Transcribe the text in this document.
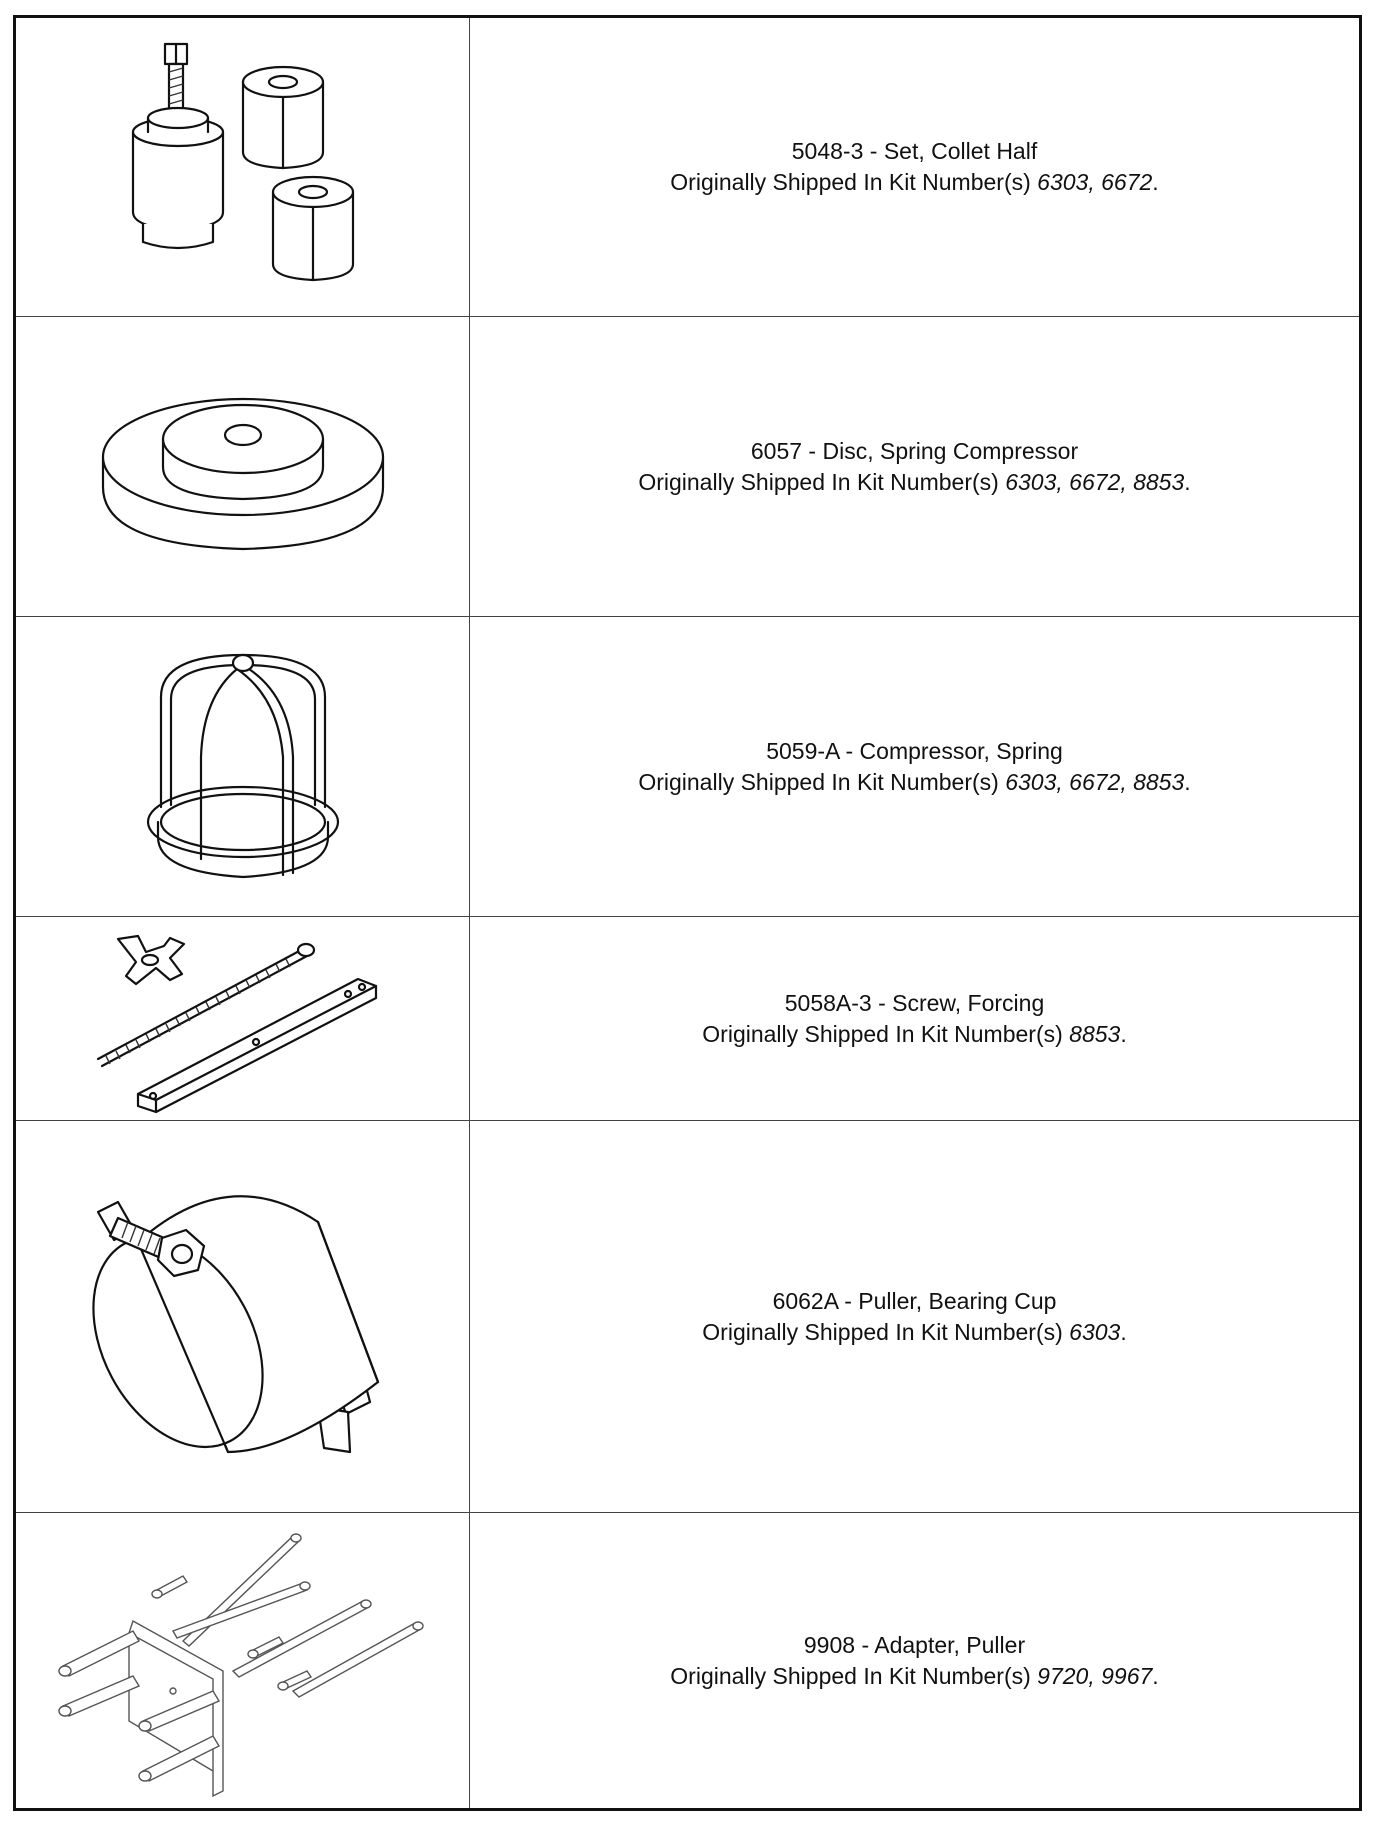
5048-3 - Set, Collet Half
Originally Shipped In Kit Number(s) 6303, 6672.
6057 - Disc, Spring Compressor
Originally Shipped In Kit Number(s) 6303, 6672, 8853.
5059-A - Compressor, Spring
Originally Shipped In Kit Number(s) 6303, 6672, 8853.
5058A-3 - Screw, Forcing
Originally Shipped In Kit Number(s) 8853.
6062A - Puller, Bearing Cup
Originally Shipped In Kit Number(s) 6303.
9908 - Adapter, Puller
Originally Shipped In Kit Number(s) 9720, 9967.
